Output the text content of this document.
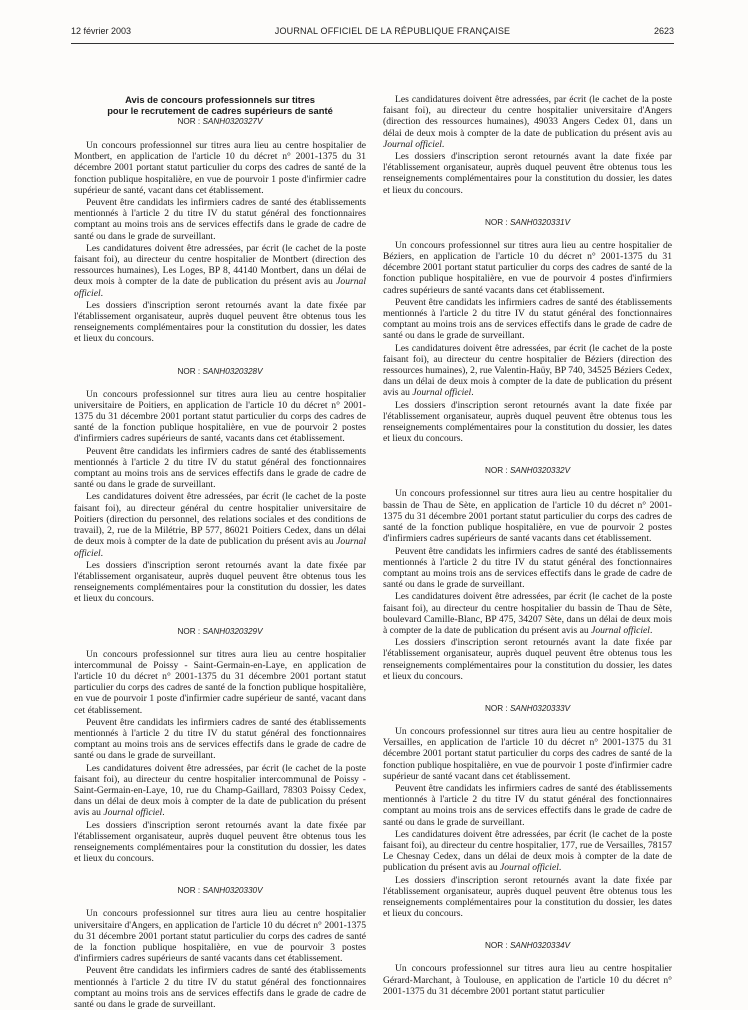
12 février 2003	JOURNAL OFFICIEL DE LA RÉPUBLIQUE FRANÇAISE	2623
Avis de concours professionnels sur titres
pour le recrutement de cadres supérieurs de santé
NOR : SANH0320327V

Un concours professionnel sur titres aura lieu au centre hospitalier de Montbert, en application de l'article 10 du décret n° 2001-1375 du 31 décembre 2001 portant statut particulier du corps des cadres de santé de la fonction publique hospitalière, en vue de pourvoir 1 poste d'infirmier cadre supérieur de santé, vacant dans cet établissement.

Peuvent être candidats les infirmiers cadres de santé des établissements mentionnés à l'article 2 du titre IV du statut général des fonctionnaires comptant au moins trois ans de services effectifs dans le grade de cadre de santé ou dans le grade de surveillant.

Les candidatures doivent être adressées, par écrit (le cachet de la poste faisant foi), au directeur du centre hospitalier de Montbert (direction des ressources humaines), Les Loges, BP 8, 44140 Montbert, dans un délai de deux mois à compter de la date de publication du présent avis au Journal officiel.

Les dossiers d'inscription seront retournés avant la date fixée par l'établissement organisateur, auprès duquel peuvent être obtenus tous les renseignements complémentaires pour la constitution du dossier, les dates et lieux du concours.

NOR : SANH0320328V

Un concours professionnel sur titres aura lieu au centre hospitalier universitaire de Poitiers, en application de l'article 10 du décret n° 2001-1375 du 31 décembre 2001 portant statut particulier du corps des cadres de santé de la fonction publique hospitalière, en vue de pourvoir 2 postes d'infirmiers cadres supérieurs de santé, vacants dans cet établissement.

Peuvent être candidats les infirmiers cadres de santé des établissements mentionnés à l'article 2 du titre IV du statut général des fonctionnaires comptant au moins trois ans de services effectifs dans le grade de cadre de santé ou dans le grade de surveillant.

Les candidatures doivent être adressées, par écrit (le cachet de la poste faisant foi), au directeur général du centre hospitalier universitaire de Poitiers (direction du personnel, des relations sociales et des conditions de travail), 2, rue de la Milétrie, BP 577, 86021 Poitiers Cedex, dans un délai de deux mois à compter de la date de publication du présent avis au Journal officiel.

Les dossiers d'inscription seront retournés avant la date fixée par l'établissement organisateur, auprès duquel peuvent être obtenus tous les renseignements complémentaires pour la constitution du dossier, les dates et lieux du concours.

NOR : SANH0320329V

Un concours professionnel sur titres aura lieu au centre hospitalier intercommunal de Poissy - Saint-Germain-en-Laye, en application de l'article 10 du décret n° 2001-1375 du 31 décembre 2001 portant statut particulier du corps des cadres de santé de la fonction publique hospitalière, en vue de pourvoir 1 poste d'infirmier cadre supérieur de santé, vacant dans cet établissement.

Peuvent être candidats les infirmiers cadres de santé des établissements mentionnés à l'article 2 du titre IV du statut général des fonctionnaires comptant au moins trois ans de services effectifs dans le grade de cadre de santé ou dans le grade de surveillant.

Les candidatures doivent être adressées, par écrit (le cachet de la poste faisant foi), au directeur du centre hospitalier intercommunal de Poissy - Saint-Germain-en-Laye, 10, rue du Champ-Gaillard, 78303 Poissy Cedex, dans un délai de deux mois à compter de la date de publication du présent avis au Journal officiel.

Les dossiers d'inscription seront retournés avant la date fixée par l'établissement organisateur, auprès duquel peuvent être obtenus tous les renseignements complémentaires pour la constitution du dossier, les dates et lieux du concours.

NOR : SANH0320330V

Un concours professionnel sur titres aura lieu au centre hospitalier universitaire d'Angers, en application de l'article 10 du décret n° 2001-1375 du 31 décembre 2001 portant statut particulier du corps des cadres de santé de la fonction publique hospitalière, en vue de pourvoir 3 postes d'infirmiers cadres supérieurs de santé vacants dans cet établissement.

Peuvent être candidats les infirmiers cadres de santé des établissements mentionnés à l'article 2 du titre IV du statut général des fonctionnaires comptant au moins trois ans de services effectifs dans le grade de cadre de santé ou dans le grade de surveillant.

Les candidatures doivent être adressées, par écrit (le cachet de la poste faisant foi), au directeur du centre hospitalier universitaire d'Angers (direction des ressources humaines), 49033 Angers Cedex 01, dans un délai de deux mois à compter de la date de publication du présent avis au Journal officiel.

Les dossiers d'inscription seront retournés avant la date fixée par l'établissement organisateur, auprès duquel peuvent être obtenus tous les renseignements complémentaires pour la constitution du dossier, les dates et lieux du concours.

NOR : SANH0320331V

Un concours professionnel sur titres aura lieu au centre hospitalier de Béziers, en application de l'article 10 du décret n° 2001-1375 du 31 décembre 2001 portant statut particulier du corps des cadres de santé de la fonction publique hospitalière, en vue de pourvoir 4 postes d'infirmiers cadres supérieurs de santé vacants dans cet établissement.

Peuvent être candidats les infirmiers cadres de santé des établissements mentionnés à l'article 2 du titre IV du statut général des fonctionnaires comptant au moins trois ans de services effectifs dans le grade de cadre de santé ou dans le grade de surveillant.

Les candidatures doivent être adressées, par écrit (le cachet de la poste faisant foi), au directeur du centre hospitalier de Béziers (direction des ressources humaines), 2, rue Valentin-Haüy, BP 740, 34525 Béziers Cedex, dans un délai de deux mois à compter de la date de publication du présent avis au Journal officiel.

Les dossiers d'inscription seront retournés avant la date fixée par l'établissement organisateur, auprès duquel peuvent être obtenus tous les renseignements complémentaires pour la constitution du dossier, les dates et lieux du concours.

NOR : SANH0320332V

Un concours professionnel sur titres aura lieu au centre hospitalier du bassin de Thau de Sète, en application de l'article 10 du décret n° 2001-1375 du 31 décembre 2001 portant statut particulier du corps des cadres de santé de la fonction publique hospitalière, en vue de pourvoir 2 postes d'infirmiers cadres supérieurs de santé vacants dans cet établissement.

Peuvent être candidats les infirmiers cadres de santé des établissements mentionnés à l'article 2 du titre IV du statut général des fonctionnaires comptant au moins trois ans de services effectifs dans le grade de cadre de santé ou dans le grade de surveillant.

Les candidatures doivent être adressées, par écrit (le cachet de la poste faisant foi), au directeur du centre hospitalier du bassin de Thau de Sète, boulevard Camille-Blanc, BP 475, 34207 Sète, dans un délai de deux mois à compter de la date de publication du présent avis au Journal officiel.

Les dossiers d'inscription seront retournés avant la date fixée par l'établissement organisateur, auprès duquel peuvent être obtenus tous les renseignements complémentaires pour la constitution du dossier, les dates et lieux du concours.

NOR : SANH0320333V

Un concours professionnel sur titres aura lieu au centre hospitalier de Versailles, en application de l'article 10 du décret n° 2001-1375 du 31 décembre 2001 portant statut particulier du corps des cadres de santé de la fonction publique hospitalière, en vue de pourvoir 1 poste d'infirmier cadre supérieur de santé vacant dans cet établissement.

Peuvent être candidats les infirmiers cadres de santé des établissements mentionnés à l'article 2 du titre IV du statut général des fonctionnaires comptant au moins trois ans de services effectifs dans le grade de cadre de santé ou dans le grade de surveillant.

Les candidatures doivent être adressées, par écrit (le cachet de la poste faisant foi), au directeur du centre hospitalier, 177, rue de Versailles, 78157 Le Chesnay Cedex, dans un délai de deux mois à compter de la date de publication du présent avis au Journal officiel.

Les dossiers d'inscription seront retournés avant la date fixée par l'établissement organisateur, auprès duquel peuvent être obtenus tous les renseignements complémentaires pour la constitution du dossier, les dates et lieux du concours.

NOR : SANH0320334V

Un concours professionnel sur titres aura lieu au centre hospitalier Gérard-Marchant, à Toulouse, en application de l'article 10 du décret n° 2001-1375 du 31 décembre 2001 portant statut particulier
